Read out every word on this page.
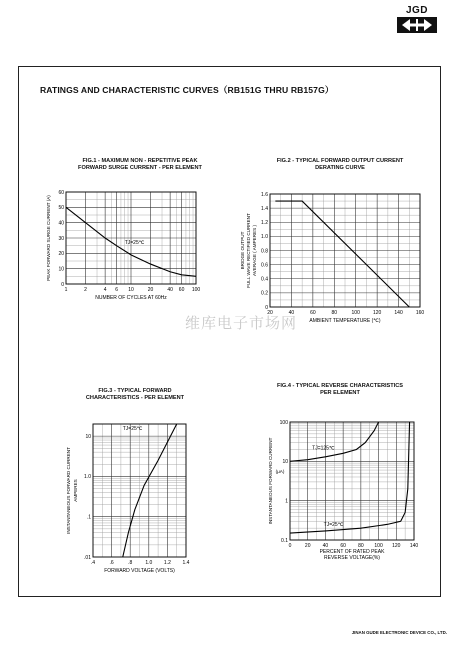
JGD
RATINGS AND CHARACTERISTIC CURVES（RB151G THRU RB157G）
维库电子市场网
FIG.1 - MAXIMUM NON - REPETITIVE PEAK
FORWARD SURGE CURRENT - PER ELEMENT
1	2	4 6 10	20	40 60 100
0
10
20
30
40
50
60
NUMBER OF CYCLES AT 60Hz
PEAK FORWARD SURGE CURRENT (A)	TJ=25℃
FIG.2 - TYPICAL FORWARD OUTPUT CURRENT
DERATING CURVE
20	40	60	80	100	120	140	160
0
0.2
0.4
0.6
0.8
1.0
1.2
1.4
1.6
AMBIENT TEMPERATURE (℃)
BRIDGE OUTPUT FULL WAVE RECTIFIED CURRENT AVERAGE ( AMPERES )
FIG.3 - TYPICAL FORWARD
CHARACTERISTICS - PER ELEMENT
.4	.6	.8	1.0 1.2 1.4
.01
.1
1.0
10
FORWARD VOLTAGE (VOLTS)
INSTANTANEOUS FORWARD CURRENT AMPERES
TJ=25℃
FIG.4 - TYPICAL REVERSE CHARACTERISTICS
PER ELEMENT
0	20 40 60 80 100 120 140
0.1
1
10
100
PERCENT OF RATED PEAK
REVERSE VOLTAGE(%)
INSTANTANEOUS FORWARD CURRENT (μA)
TJ=125℃
TJ=25℃
JINAN GUDE ELECTRONIC DEVICE CO., LTD.
